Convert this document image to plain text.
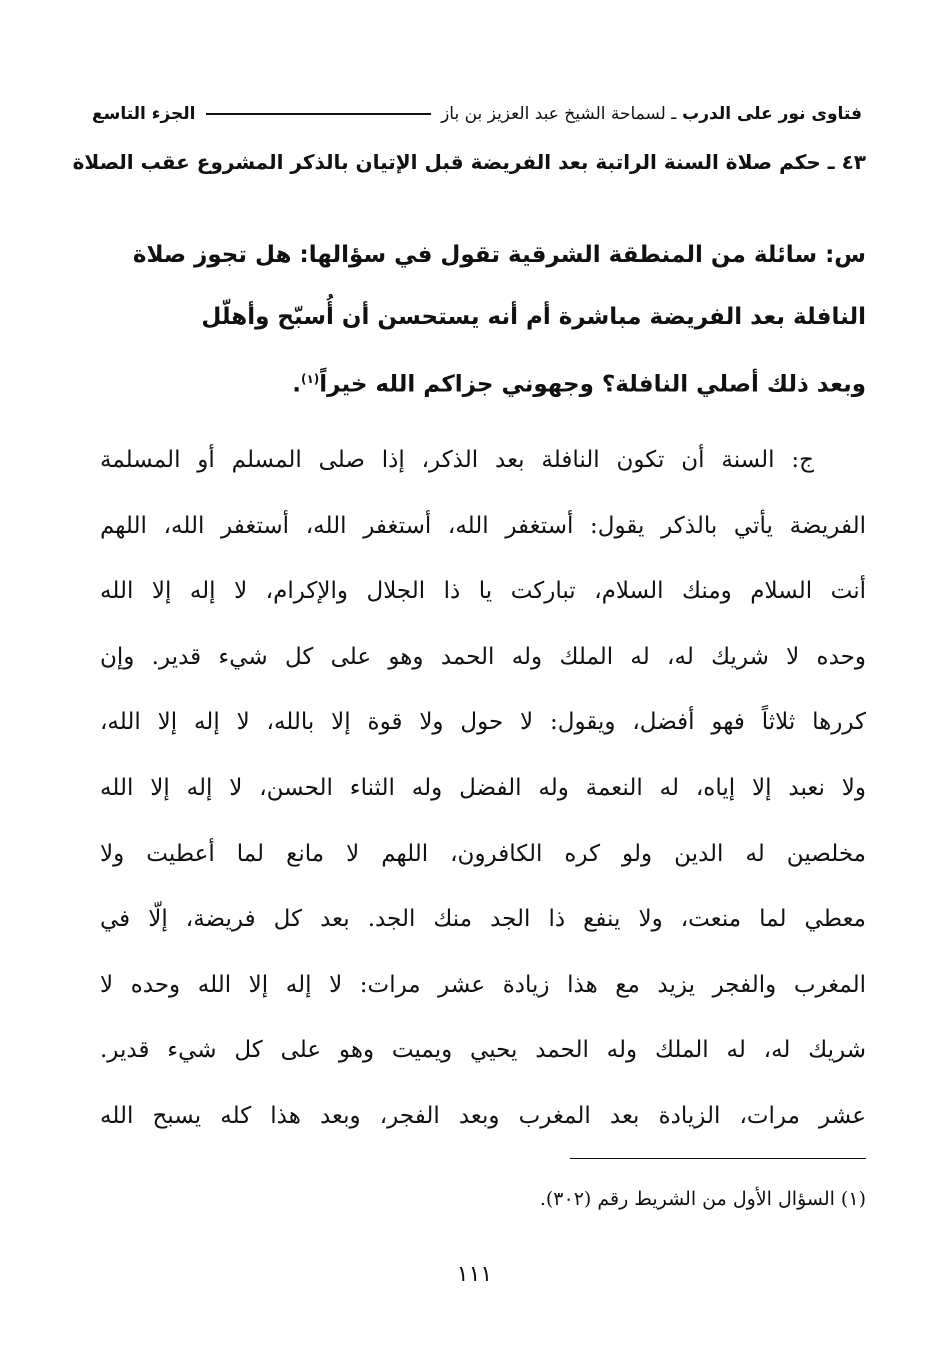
فتاوى نور على الدرب ـ لسماحة الشيخ عبد العزيز بن باز
الجزء التاسع
٤٣ ـ حكم صلاة السنة الراتبة بعد الفريضة قبل الإتيان بالذكر المشروع عقب الصلاة
س: سائلة من المنطقة الشرقية تقول في سؤالها: هل تجوز صلاة
النافلة بعد الفريضة مباشرة أم أنه يستحسن أن أُسبّح وأهلّل
وبعد ذلك أصلي النافلة؟ وجهوني جزاكم الله خيراً$^{(١)}$.
ج: السنة أن تكون النافلة بعد الذكر، إذا صلى المسلم أو المسلمة
الفريضة يأتي بالذكر يقول: أستغفر الله، أستغفر الله، أستغفر الله، اللهم
أنت السلام ومنك السلام، تباركت يا ذا الجلال والإكرام، لا إله إلا الله
وحده لا شريك له، له الملك وله الحمد وهو على كل شيء قدير. وإن
كررها ثلاثاً فهو أفضل، ويقول: لا حول ولا قوة إلا بالله، لا إله إلا الله،
ولا نعبد إلا إياه، له النعمة وله الفضل وله الثناء الحسن، لا إله إلا الله
مخلصين له الدين ولو كره الكافرون، اللهم لا مانع لما أعطيت ولا
معطي لما منعت، ولا ينفع ذا الجد منك الجد. بعد كل فريضة، إلّا في
المغرب والفجر يزيد مع هذا زيادة عشر مرات: لا إله إلا الله وحده لا
شريك له، له الملك وله الحمد يحيي ويميت وهو على كل شيء قدير.
عشر مرات، الزيادة بعد المغرب وبعد الفجر، وبعد هذا كله يسبح الله
(١) السؤال الأول من الشريط رقم (٣٠٢).
١١١
